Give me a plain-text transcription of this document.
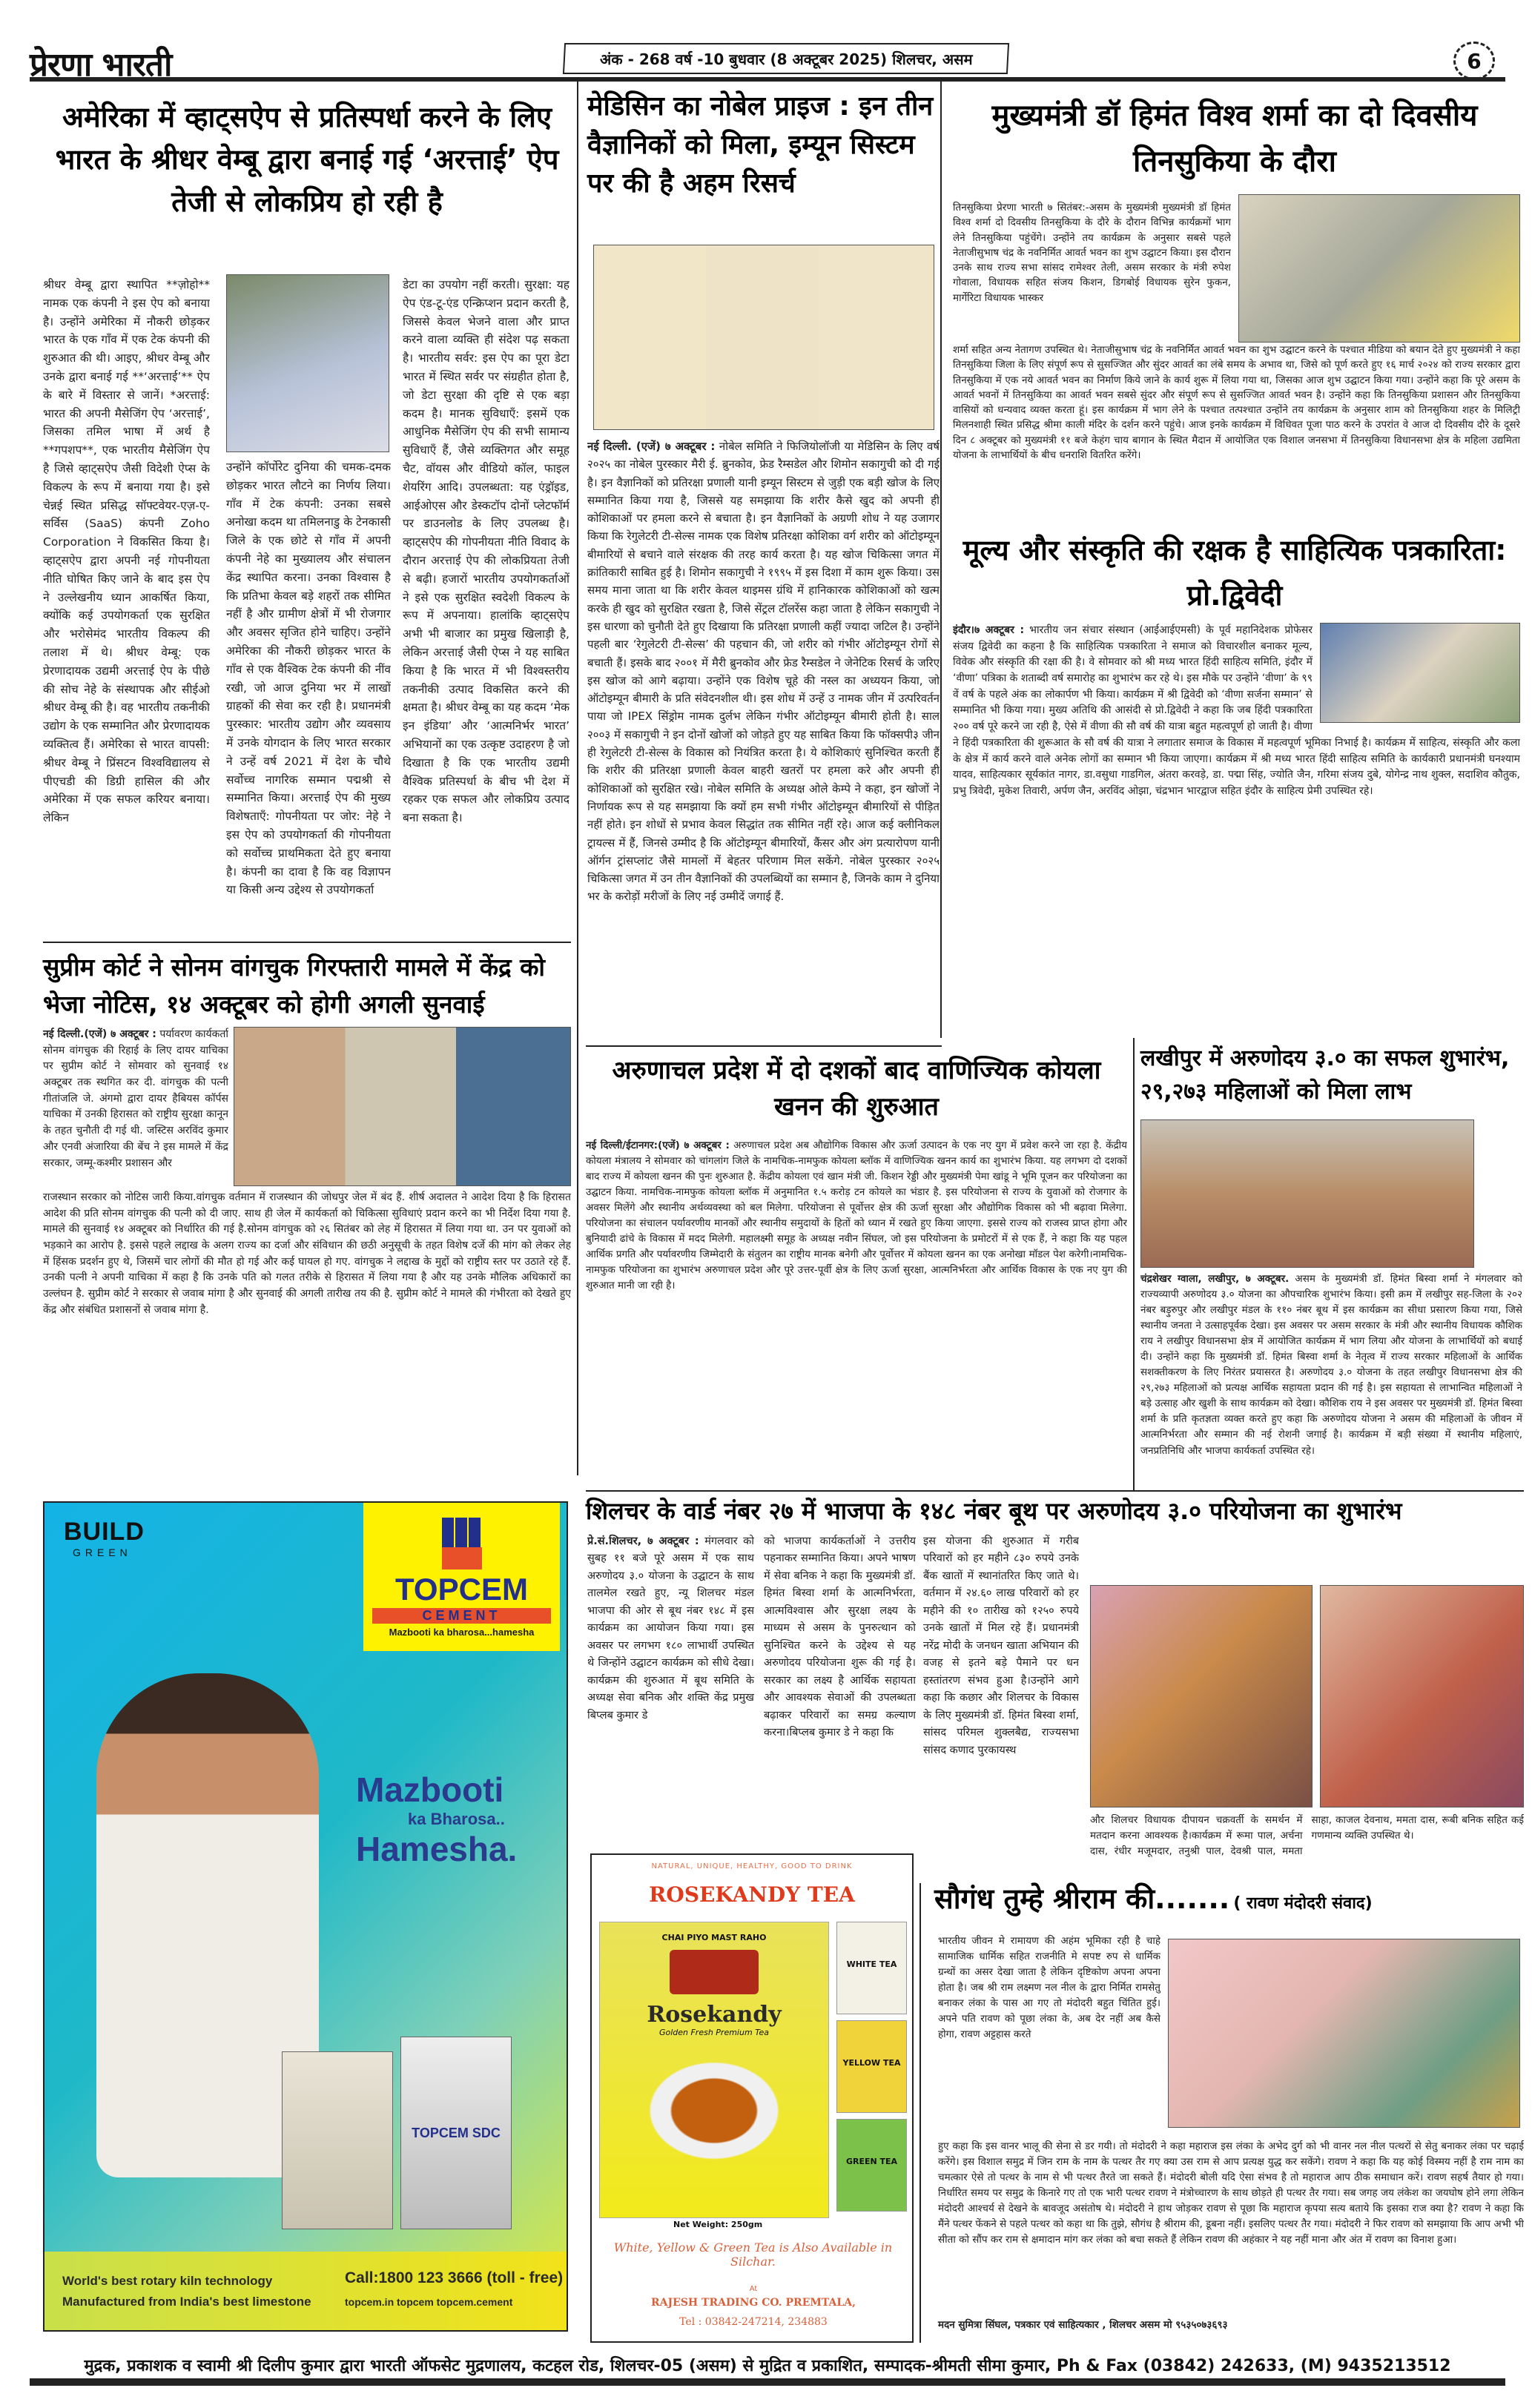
प्रेरणा भारती	अंक - 268 वर्ष -10 बुधवार (8 अक्टूबर 2025) शिलचर, असम	6
अमेरिका में व्हाट्सऐप से प्रतिस्पर्धा करने के लिए भारत के श्रीधर वेम्बू द्वारा बनाई गई ‘अरत्ताई’ ऐप तेजी से लोकप्रिय हो रही है
श्रीधर वेम्बू द्वारा स्थापित **ज़ोहो** नामक एक कंपनी ने इस ऐप को बनाया है। उन्होंने अमेरिका में नौकरी छोड़कर भारत के एक गाँव में एक टेक कंपनी की शुरुआत की थी। आइए, श्रीधर वेम्बू और उनके द्वारा बनाई गई **‘अरत्ताई’** ऐप के बारे में विस्तार से जानें। *अरत्ताई: भारत की अपनी मैसेजिंग ऐप ‘अरत्ताई’, जिसका तमिल भाषा में अर्थ है **गपशप**, एक भारतीय मैसेजिंग ऐप है जिसे व्हाट्सऐप जैसी विदेशी ऐप्स के विकल्प के रूप में बनाया गया है। इसे चेन्नई स्थित प्रसिद्ध सॉफ्टवेयर-एज़-ए-सर्विस (SaaS) कंपनी Zoho Corporation ने विकसित किया है। व्हाट्सऐप द्वारा अपनी नई गोपनीयता नीति घोषित किए जाने के बाद इस ऐप ने उल्लेखनीय ध्यान आकर्षित किया, क्योंकि कई उपयोगकर्ता एक सुरक्षित और भरोसेमंद भारतीय विकल्प की तलाश में थे। श्रीधर वेम्बू: एक प्रेरणादायक उद्यमी अरत्ताई ऐप के पीछे की सोच नेहे के संस्थापक और सीईओ श्रीधर वेम्बू की है। वह भारतीय तकनीकी उद्योग के एक सम्मानित और प्रेरणादायक व्यक्तित्व हैं। अमेरिका से भारत वापसी: श्रीधर वेम्बू ने प्रिंसटन विश्वविद्यालय से पीएचडी की डिग्री हासिल की और अमेरिका में एक सफल करियर बनाया। लेकिन
उन्होंने कॉर्पोरेट दुनिया की चमक-दमक छोड़कर भारत लौटने का निर्णय लिया। गाँव में टेक कंपनी: उनका सबसे अनोखा कदम था तमिलनाडु के टेनकासी जिले के एक छोटे से गाँव में अपनी कंपनी नेहे का मुख्यालय और संचालन केंद्र स्थापित करना। उनका विश्वास है कि प्रतिभा केवल बड़े शहरों तक सीमित नहीं है और ग्रामीण क्षेत्रों में भी रोजगार और अवसर सृजित होने चाहिए। उन्होंने अमेरिका की नौकरी छोड़कर भारत के गाँव से एक वैश्विक टेक कंपनी की नींव रखी, जो आज दुनिया भर में लाखों ग्राहकों की सेवा कर रही है। प्रधानमंत्री पुरस्कार: भारतीय उद्योग और व्यवसाय में उनके योगदान के लिए भारत सरकार ने उन्हें वर्ष 2021 में देश के चौथे सर्वोच्च नागरिक सम्मान पद्मश्री से सम्मानित किया। अरत्ताई ऐप की मुख्य विशेषताएँ: गोपनीयता पर जोर: नेहे ने इस ऐप को उपयोगकर्ता की गोपनीयता को सर्वोच्च प्राथमिकता देते हुए बनाया है। कंपनी का दावा है कि वह विज्ञापन या किसी अन्य उद्देश्य से उपयोगकर्ता
डेटा का उपयोग नहीं करती। सुरक्षा: यह ऐप एंड-टू-एंड एन्क्रिप्शन प्रदान करती है, जिससे केवल भेजने वाला और प्राप्त करने वाला व्यक्ति ही संदेश पढ़ सकता है। भारतीय सर्वर: इस ऐप का पूरा डेटा भारत में स्थित सर्वर पर संग्रहीत होता है, जो डेटा सुरक्षा की दृष्टि से एक बड़ा कदम है। मानक सुविधाएँ: इसमें एक आधुनिक मैसेजिंग ऐप की सभी सामान्य सुविधाएँ हैं, जैसे व्यक्तिगत और समूह चैट, वॉयस और वीडियो कॉल, फाइल शेयरिंग आदि। उपलब्धता: यह एंड्रॉइड, आईओएस और डेस्कटॉप दोनों प्लेटफॉर्म पर डाउनलोड के लिए उपलब्ध है। व्हाट्सऐप की गोपनीयता नीति विवाद के दौरान अरत्ताई ऐप की लोकप्रियता तेजी से बढ़ी। हजारों भारतीय उपयोगकर्ताओं ने इसे एक सुरक्षित स्वदेशी विकल्प के रूप में अपनाया। हालांकि व्हाट्सऐप अभी भी बाजार का प्रमुख खिलाड़ी है, लेकिन अरत्ताई जैसी ऐप्स ने यह साबित किया है कि भारत में भी विश्वस्तरीय तकनीकी उत्पाद विकसित करने की क्षमता है। श्रीधर वेम्बू का यह कदम ‘मेक इन इंडिया’ और ‘आत्मनिर्भर भारत’ अभियानों का एक उत्कृष्ट उदाहरण है जो दिखाता है कि एक भारतीय उद्यमी वैश्विक प्रतिस्पर्धा के बीच भी देश में रहकर एक सफल और लोकप्रिय उत्पाद बना सकता है।
मेडिसिन का नोबेल प्राइज : इन तीन वैज्ञानिकों को मिला, इम्यून सिस्टम पर की है अहम रिसर्च
नई दिल्ली. (एजें) ७ अक्टूबर : नोबेल समिति ने फिजियोलॉजी या मेडिसिन के लिए वर्ष २०२५ का नोबेल पुरस्कार मैरी ई. ब्रुनकोव, फ्रेड रैम्सडेल और शिमोन सकागुची को दी गई है। इन वैज्ञानिकों को प्रतिरक्षा प्रणाली यानी इम्यून सिस्टम से जुड़ी एक बड़ी खोज के लिए सम्मानित किया गया है, जिससे यह समझाया कि शरीर कैसे खुद को अपनी ही कोशिकाओं पर हमला करने से बचाता है। इन वैज्ञानिकों के अग्रणी शोध ने यह उजागर किया कि रेगुलेटरी टी-सेल्स नामक एक विशेष प्रतिरक्षा कोशिका वर्ग शरीर को ऑटोइम्यून बीमारियों से बचाने वाले संरक्षक की तरह कार्य करता है। यह खोज चिकित्सा जगत में क्रांतिकारी साबित हुई है। शिमोन सकागुची ने १९९५ में इस दिशा में काम शुरू किया। उस समय माना जाता था कि शरीर केवल थाइमस ग्रंथि में हानिकारक कोशिकाओं को खत्म करके ही खुद को सुरक्षित रखता है, जिसे सेंट्रल टॉलरेंस कहा जाता है लेकिन सकागुची ने इस धारणा को चुनौती देते हुए दिखाया कि प्रतिरक्षा प्रणाली कहीं ज्यादा जटिल है। उन्होंने पहली बार ‘रेगुलेटरी टी-सेल्स’ की पहचान की, जो शरीर को गंभीर ऑटोइम्यून रोगों से बचाती हैं। इसके बाद २००१ में मैरी ब्रुनकोव और फ्रेड रैम्सडेल ने जेनेटिक रिसर्च के जरिए इस खोज को आगे बढ़ाया। उन्होंने एक विशेष चूहे की नस्ल का अध्ययन किया, जो ऑटोइम्यून बीमारी के प्रति संवेदनशील थी। इस शोध में उन्हें उ नामक जीन में उत्परिवर्तन पाया जो IPEX सिंड्रोम नामक दुर्लभ लेकिन गंभीर ऑटोइम्यून बीमारी होती है। साल २००३ में सकागुची ने इन दोनों खोजों को जोड़ते हुए यह साबित किया कि फॉक्सपी३ जीन ही रेगुलेटरी टी-सेल्स के विकास को नियंत्रित करता है। ये कोशिकाएं सुनिश्चित करती हैं कि शरीर की प्रतिरक्षा प्रणाली केवल बाहरी खतरों पर हमला करे और अपनी ही कोशिकाओं को सुरक्षित रखे। नोबेल समिति के अध्यक्ष ओले केम्पे ने कहा, इन खोजों ने निर्णायक रूप से यह समझाया कि क्यों हम सभी गंभीर ऑटोइम्यून बीमारियों से पीड़ित नहीं होते। इन शोधों से प्रभाव केवल सिद्धांत तक सीमित नहीं रहे। आज कई क्लीनिकल ट्रायल्स में हैं, जिनसे उम्मीद है कि ऑटोइम्यून बीमारियों, कैंसर और अंग प्रत्यारोपण यानी ऑर्गन ट्रांसप्लांट जैसे मामलों में बेहतर परिणाम मिल सकेंगे. नोबेल पुरस्कार २०२५ चिकित्सा जगत में उन तीन वैज्ञानिकों की उपलब्धियों का सम्मान है, जिनके काम ने दुनिया भर के करोड़ों मरीजों के लिए नई उम्मीदें जगाई हैं.
मुख्यमंत्री डॉ हिमंत विश्व शर्मा का दो दिवसीय तिनसुकिया के दौरा
तिनसुकिया प्रेरणा भारती ७ सितंबर:-असम के मुख्यमंत्री मुख्यमंत्री डॉ हिमंत विश्व शर्मा दो दिवसीय तिनसुकिया के दौरे के दौरान विभिन्न कार्यक्रमों भाग लेने तिनसुकिया पहुंचेंगे। उन्होंने तय कार्यक्रम के अनुसार सबसे पहले नेताजीसुभाष चंद्र के नवनिर्मित आवर्त भवन का शुभ उद्घाटन किया। इस दौरान उनके साथ राज्य सभा सांसद रामेश्वर तेली, असम सरकार के मंत्री रुपेश गोवाला, विधायक सहित संजय किशन, डिगबोई विधायक सुरेन फुकन, मार्गेरिटा विधायक भास्कर
शर्मा सहित अन्य नेतागण उपस्थित थे। नेताजीसुभाष चंद्र के नवनिर्मित आवर्त भवन का शुभ उद्घाटन करने के पश्चात मीडिया को बयान देते हुए मुख्यमंत्री ने कहा तिनसुकिया जिला के लिए संपूर्ण रूप से सुसज्जित और सुंदर आवर्त का लंबे समय के अभाव था, जिसे को पूर्ण करते हुए १६ मार्च २०२४ को राज्य सरकार द्वारा तिनसुकिया में एक नये आवर्त भवन का निर्माण किये जाने के कार्य शुरू में लिया गया था, जिसका आज शुभ उद्घाटन किया गया। उन्होंने कहा कि पूरे असम के आवर्त भवनों में तिनसुकिया का आवर्त भवन सबसे सुंदर और संपूर्ण रूप से सुसज्जित आवर्त भवन है। उन्होंने कहा कि तिनसुकिया प्रशासन और तिनसुकिया वासियों को धन्यवाद व्यक्त करता हूं। इस कार्यक्रम में भाग लेने के पश्चात तत्पश्चात उन्होंने तय कार्यक्रम के अनुसार शाम को तिनसुकिया शहर के मिलिट्री मिलनशाही स्थित प्रसिद्ध श्रीमा काली मंदिर के दर्शन करने पहुंचे। आज इनके कार्यक्रम में विधिवत पूजा पाठ करने के उपरांत वे आज दो दिवसीय दौरे के दूसरे दिन ८ अक्टूबर को मुख्यमंत्री ११ बजे केहंग चाय बागान के स्थित मैदान में आयोजित एक विशाल जनसभा में तिनसुकिया विधानसभा क्षेत्र के महिला उद्यमिता योजना के लाभार्थियों के बीच धनराशि वितरित करेंगे।
मूल्य और संस्कृति की रक्षक है साहित्यिक पत्रकारिता: प्रो.द्विवेदी
इंदौर।७ अक्टूबर : भारतीय जन संचार संस्थान (आईआईएमसी) के पूर्व महानिदेशक प्रोफेसर संजय द्विवेदी का कहना है कि साहित्यिक पत्रकारिता ने समाज को विचारशील बनाकर मूल्य, विवेक और संस्कृति की रक्षा की है। वे सोमवार को श्री मध्य भारत हिंदी साहित्य समिति, इंदौर में ‘वीणा’ पत्रिका के शताब्दी वर्ष समारोह का शुभारंभ कर रहे थे। इस मौके पर उन्होंने ‘वीणा’ के ९९ वें वर्ष के पहले अंक का लोकार्पण भी किया। कार्यक्रम में श्री द्विवेदी को ‘वीणा सर्जना सम्मान’ से सम्मानित भी किया गया। मुख्य अतिथि की आसंदी से प्रो.द्विवेदी ने कहा कि जब हिंदी पत्रकारिता २०० वर्ष पूरे करने जा रही है, ऐसे में वीणा की सौ वर्ष की यात्रा बहुत महत्वपूर्ण हो जाती है। वीणा ने हिंदी पत्रकारिता की शुरूआत के सौ वर्ष की यात्रा ने लगातार समाज के विकास में महत्वपूर्ण भूमिका निभाई है। कार्यक्रम में साहित्य, संस्कृति और कला के क्षेत्र में कार्य करने वाले अनेक लोगों का सम्मान भी किया जाएगा। कार्यक्रम में श्री मध्य भारत हिंदी साहित्य समिति के कार्यकारी प्रधानमंत्री घनश्याम यादव, साहित्यकार सूर्यकांत नागर, डा.वसुधा गाडगिल, अंतरा करवड़े, डा. पद्मा सिंह, ज्योति जैन, गरिमा संजय दुबे, योगेन्द्र नाथ शुक्ल, सदाशिव कौतुक, प्रभु त्रिवेदी, मुकेश तिवारी, अर्पण जैन, अरविंद ओझा, चंद्रभान भारद्वाज सहित इंदौर के साहित्य प्रेमी उपस्थित रहे।
सुप्रीम कोर्ट ने सोनम वांगचुक गिरफ्तारी मामले में केंद्र को भेजा नोटिस, १४ अक्टूबर को होगी अगली सुनवाई
नई दिल्ली.(एजें) ७ अक्टूबर : पर्यावरण कार्यकर्ता सोनम वांगचुक की रिहाई के लिए दायर याचिका पर सुप्रीम कोर्ट ने सोमवार को सुनवाई १४ अक्टूबर तक स्थगित कर दी. वांगचुक की पत्नी गीतांजलि जे. अंगमो द्वारा दायर हैबियस कॉर्पस याचिका में उनकी हिरासत को राष्ट्रीय सुरक्षा कानून के तहत चुनौती दी गई थी. जस्टिस अरविंद कुमार और एनवी अंजारिया की बेंच ने इस मामले में केंद्र सरकार, जम्मू-कश्मीर प्रशासन और
राजस्थान सरकार को नोटिस जारी किया.वांगचुक वर्तमान में राजस्थान की जोधपुर जेल में बंद हैं. शीर्ष अदालत ने आदेश दिया है कि हिरासत आदेश की प्रति सोनम वांगचुक की पत्नी को दी जाए. साथ ही जेल में कार्यकर्ता को चिकित्सा सुविधाएं प्रदान करने का भी निर्देश दिया गया है. मामले की सुनवाई १४ अक्टूबर को निर्धारित की गई है.सोनम वांगचुक को २६ सितंबर को लेह में हिरासत में लिया गया था. उन पर युवाओं को भड़काने का आरोप है. इससे पहले लद्दाख के अलग राज्य का दर्जा और संविधान की छठी अनुसूची के तहत विशेष दर्जे की मांग को लेकर लेह में हिंसक प्रदर्शन हुए थे, जिसमें चार लोगों की मौत हो गई और कई घायल हो गए. वांगचुक ने लद्दाख के मुद्दों को राष्ट्रीय स्तर पर उठाते रहे हैं. उनकी पत्नी ने अपनी याचिका में कहा है कि उनके पति को गलत तरीके से हिरासत में लिया गया है और यह उनके मौलिक अधिकारों का उल्लंघन है. सुप्रीम कोर्ट ने सरकार से जवाब मांगा है और सुनवाई की अगली तारीख तय की है. सुप्रीम कोर्ट ने मामले की गंभीरता को देखते हुए केंद्र और संबंधित प्रशासनों से जवाब मांगा है.
अरुणाचल प्रदेश में दो दशकों बाद वाणिज्यिक कोयला खनन की शुरुआत
नई दिल्ली/ईटानगर:(एजें) ७ अक्टूबर : अरुणाचल प्रदेश अब औद्योगिक विकास और ऊर्जा उत्पादन के एक नए युग में प्रवेश करने जा रहा है. केंद्रीय कोयला मंत्रालय ने सोमवार को चांगलांग जिले के नामचिक-नामफुक कोयला ब्लॉक में वाणिज्यिक खनन कार्य का शुभारंभ किया. यह लगभग दो दशकों बाद राज्य में कोयला खनन की पुनः शुरुआत है. केंद्रीय कोयला एवं खान मंत्री जी. किशन रेड्डी और मुख्यमंत्री पेमा खांडू ने भूमि पूजन कर परियोजना का उद्घाटन किया. नामचिक-नामफुक कोयला ब्लॉक में अनुमानित १.५ करोड़ टन कोयले का भंडार है. इस परियोजना से राज्य के युवाओं को रोजगार के अवसर मिलेंगे और स्थानीय अर्थव्यवस्था को बल मिलेगा. परियोजना से पूर्वोत्तर क्षेत्र की ऊर्जा सुरक्षा और औद्योगिक विकास को भी बढ़ावा मिलेगा. परियोजना का संचालन पर्यावरणीय मानकों और स्थानीय समुदायों के हितों को ध्यान में रखते हुए किया जाएगा. इससे राज्य को राजस्व प्राप्त होगा और बुनियादी ढांचे के विकास में मदद मिलेगी. महालक्ष्मी समूह के अध्यक्ष नवीन सिंघल, जो इस परियोजना के प्रमोटरों में से एक हैं, ने कहा कि यह पहल आर्थिक प्रगति और पर्यावरणीय जिम्मेदारी के संतुलन का राष्ट्रीय मानक बनेगी और पूर्वोत्तर में कोयला खनन का एक अनोखा मॉडल पेश करेगी।नामचिक-नामफुक परियोजना का शुभारंभ अरुणाचल प्रदेश और पूरे उत्तर-पूर्वी क्षेत्र के लिए ऊर्जा सुरक्षा, आत्मनिर्भरता और आर्थिक विकास के एक नए युग की शुरुआत मानी जा रही है।
लखीपुर में अरुणोदय ३.० का सफल शुभारंभ, २९,२७३ महिलाओं को मिला लाभ
चंद्रशेखर ग्वाला, लखीपुर, ७ अक्टूबर. असम के मुख्यमंत्री डॉ. हिमंत बिस्वा शर्मा ने मंगलवार को राज्यव्यापी अरुणोदय ३.० योजना का औपचारिक शुभारंभ किया। इसी क्रम में लखीपुर सह-जिला के २०२ नंबर बड़ुरुपुर और लखीपुर मंडल के ११० नंबर बूथ में इस कार्यक्रम का सीधा प्रसारण किया गया, जिसे स्थानीय जनता ने उत्साहपूर्वक देखा। इस अवसर पर असम सरकार के मंत्री और स्थानीय विधायक कौशिक राय ने लखीपुर विधानसभा क्षेत्र में आयोजित कार्यक्रम में भाग लिया और योजना के लाभार्थियों को बधाई दी। उन्होंने कहा कि मुख्यमंत्री डॉ. हिमंत बिस्वा शर्मा के नेतृत्व में राज्य सरकार महिलाओं के आर्थिक सशक्तीकरण के लिए निरंतर प्रयासरत है। अरुणोदय ३.० योजना के तहत लखीपुर विधानसभा क्षेत्र की २९,२७३ महिलाओं को प्रत्यक्ष आर्थिक सहायता प्रदान की गई है। इस सहायता से लाभान्वित महिलाओं ने बड़े उत्साह और खुशी के साथ कार्यक्रम को देखा। कौशिक राय ने इस अवसर पर मुख्यमंत्री डॉ. हिमंत बिस्वा शर्मा के प्रति कृतज्ञता व्यक्त करते हुए कहा कि अरुणोदय योजना ने असम की महिलाओं के जीवन में आत्मनिर्भरता और सम्मान की नई रोशनी जगाई है। कार्यक्रम में बड़ी संख्या में स्थानीय महिलाएं, जनप्रतिनिधि और भाजपा कार्यकर्ता उपस्थित रहे।
शिलचर के वार्ड नंबर २७ में भाजपा के १४८ नंबर बूथ पर अरुणोदय ३.० परियोजना का शुभारंभ
प्रे.सं.शिलचर, ७ अक्टूबर : मंगलवार को सुबह ११ बजे पूरे असम में एक साथ अरुणोदय ३.० योजना के उद्घाटन के साथ तालमेल रखते हुए, न्यू शिलचर मंडल भाजपा की ओर से बूथ नंबर १४८ में इस कार्यक्रम का आयोजन किया गया। इस अवसर पर लगभग १८० लाभार्थी उपस्थित थे जिन्होंने उद्घाटन कार्यक्रम को सीधे देखा।कार्यक्रम की शुरुआत में बूथ समिति के अध्यक्ष सेवा बनिक और शक्ति केंद्र प्रमुख बिप्लब कुमार डे
को भाजपा कार्यकर्ताओं ने उत्तरीय पहनाकर सम्मानित किया। अपने भाषण में सेवा बनिक ने कहा कि मुख्यमंत्री डॉ. हिमंत बिस्वा शर्मा के आत्मनिर्भरता, आत्मविश्वास और सुरक्षा लक्ष्य के माध्यम से असम के पुनरुत्थान को सुनिश्चित करने के उद्देश्य से यह अरुणोदय परियोजना शुरू की गई है। सरकार का लक्ष्य है आर्थिक सहायता और आवश्यक सेवाओं की उपलब्धता बढ़ाकर परिवारों का समग्र कल्याण करना।बिप्लब कुमार डे ने कहा कि
इस योजना की शुरुआत में गरीब परिवारों को हर महीने ८३० रुपये उनके बैंक खातों में स्थानांतरित किए जाते थे। वर्तमान में २४.६० लाख परिवारों को हर महीने की १० तारीख को १२५० रुपये उनके खातों में मिल रहे हैं। प्रधानमंत्री नरेंद्र मोदी के जनधन खाता अभियान की वजह से इतने बड़े पैमाने पर धन हस्तांतरण संभव हुआ है।उन्होंने आगे कहा कि कछार और शिलचर के विकास के लिए मुख्यमंत्री डॉ. हिमंत बिस्वा शर्मा, सांसद परिमल शुक्लबैद्य, राज्यसभा सांसद कणाद पुरकायस्थ
और शिलचर विधायक दीपायन चक्रवर्ती के समर्थन में मतदान करना आवश्यक है।कार्यक्रम में रूमा पाल, अर्चना दास, रंधीर मजूमदार, तनुश्री पाल, देवश्री पाल, ममता साहा, काजल देवनाथ, ममता दास, रूबी बनिक सहित कई गणमान्य व्यक्ति उपस्थित थे।
सौगंध तुम्हे श्रीराम की....... ( रावण मंदोदरी संवाद)
भारतीय जीवन मे रामायण की अहंम भूमिका रही है चाहे सामाजिक धार्मिक सहित राजनीति मे सपष्ट रुप से धार्मिक ग्रन्थों का असर देखा जाता है लेकिन दृष्टिकोण अपना अपना होता है। जब श्री राम लक्ष्मण नल नील के द्वारा निर्मित रामसेतु बनाकर लंका के पास आ गए तो मंदोदरी बहुत चिंतित हुई। अपने पति रावण को पूछा लंका के, अब देर नहीं अब कैसे होगा, रावण अट्टहास करते
हुए कहा कि इस वानर भालू की सेना से डर गयी। तो मंदोदरी ने कहा महाराज इस लंका के अभेद दुर्ग को भी वानर नल नील पत्थरों से सेतु बनाकर लंका पर चढ़ाई करेंगे। इस विशाल समुद्र में जिन राम के नाम के पत्थर तैर गए क्या उस राम से आप प्रत्यक्ष युद्ध कर सकेंगे। रावण ने कहा कि यह कोई विस्मय नहीं है राम नाम का चमत्कार ऐसे तो पत्थर के नाम से भी पत्थर तैरते जा सकते हैं। मंदोदरी बोली यदि ऐसा संभव है तो महाराज आप ठीक समाधान करें। रावण सहर्ष तैयार हो गया। निर्धारित समय पर समुद्र के किनारे गए तो एक भारी पत्थर रावण ने मंत्रोच्चारण के साथ छोड़ते ही पत्थर तैर गया। सब जगह जय लंकेश का जयघोष होने लगा लेकिन मंदोदरी आश्चर्य से देखने के बावजूद असंतोष थे। मंदोदरी ने हाथ जोड़कर रावण से पूछा कि महाराज कृपया सत्य बताये कि इसका राज क्या है? रावण ने कहा कि मैंने पत्थर फेंकने से पहले पत्थर को कहा था कि तुझे, सौगंध है श्रीराम की, डूबना नहीं। इसलिए पत्थर तैर गया। मंदोदरी ने फिर रावण को समझाया कि आप अभी भी सीता को सौंप कर राम से क्षमादान मांग कर लंका को बचा सकते हैं लेकिन रावण की अहंकार ने यह नहीं माना और अंत में रावण का विनाश हुआ।
मदन सुमित्रा सिंघल, पत्रकार एवं साहित्यकार , शिलचर असम मो ९५३५०७३६९३
BUILD
GREEN
TOPCEM
CEMENT
Mazbooti ka bharosa...hamesha
Mazbooti
ka Bharosa..
Hamesha.
TOPCEM SDC
World's best rotary kiln technology
Manufactured from India's best limestone
Call:1800 123 3666 (toll - free)
topcem.in topcem topcem.cement
NATURAL, UNIQUE, HEALTHY, GOOD TO DRINK
ROSEKANDY TEA
CHAI PIYO MAST RAHO
Rosekandy
Golden Fresh Premium Tea
WHITE TEA
YELLOW TEA
GREEN TEA
Net Weight: 250gm
White, Yellow & Green Tea is Also Available in Silchar.
At
RAJESH TRADING CO. PREMTALA,
Tel : 03842-247214, 234883
मुद्रक, प्रकाशक व स्वामी श्री दिलीप कुमार द्वारा भारती ऑफसेट मुद्रणालय, कटहल रोड, शिलचर-05 (असम) से मुद्रित व प्रकाशित, सम्पादक-श्रीमती सीमा कुमार, Ph & Fax (03842) 242633, (M) 9435213512
